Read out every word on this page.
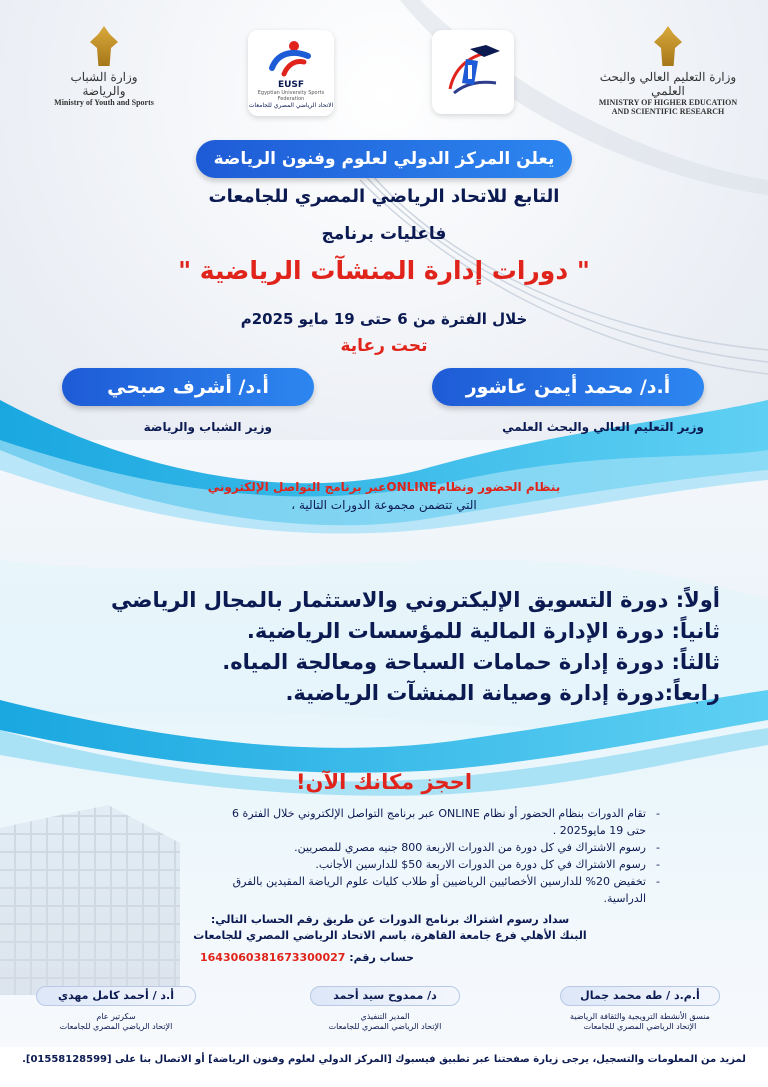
وزارة الشباب والرياضة
Ministry of Youth and Sports
EUSF
Egyptian University Sports Federation
الاتحاد الرياضي المصري للجامعات
وزارة التعليم العالي والبحث العلمي
MINISTRY OF HIGHER EDUCATION AND SCIENTIFIC RESEARCH
يعلن المركز الدولي لعلوم وفنون الرياضة
التابع للاتحاد الرياضي المصري للجامعات
فاعليات برنامج
" دورات إدارة المنشآت الرياضية "
خلال الفترة من 6 حتى 19 مايو 2025م
تحت رعاية
أ.د/ محمد أيمن عاشور
وزير التعليم العالي والبحث العلمي
أ.د/ أشرف صبحي
وزير الشباب والرياضة
بنظام الحضور ونظامONLINEعبر برنامج التواصل الإلكتروني
التي تتضمن مجموعة الدورات التالية ،
أولاً: دورة التسويق الإليكتروني والاستثمار بالمجال الرياضي
ثانياً: دورة الإدارة المالية للمؤسسات الرياضية.
ثالثاً: دورة إدارة حمامات السباحة ومعالجة المياه.
رابعاً:دورة إدارة وصيانة المنشآت الرياضية.
احجز مكانك الآن!
- تقام الدورات بنظام الحضور أو نظام ONLINE عبر برنامج التواصل الإلكتروني خلال الفترة 6 حتى 19 مايو2025 .
- رسوم الاشتراك في كل دورة من الدورات الاربعة 800 جنيه مصري للمصريين.
- رسوم الاشتراك في كل دورة من الدورات الاربعة 50$ للدارسين الأجانب.
- تخفيض 20% للدارسين الأخصائيين الرياضيين أو طلاب كليات علوم الرياضة المقيدين بالفرق الدراسية.
سداد رسوم اشتراك برنامج الدورات عن طريق رقم الحساب التالي:
البنك الأهلي فرع جامعة القاهرة، باسم الاتحاد الرياضي المصري للجامعات
حساب رقم: 1643060381673300027
أ.م.د / طه محمد جمال
منسق الأنشطة الترويجية والثقافة الرياضية
الإتحاد الرياضي المصري للجامعات
د/ ممدوح سيد أحمد
المدير التنفيذي
الإتحاد الرياضي المصري للجامعات
أ.د / أحمد كامل مهدي
سكرتير عام
الإتحاد الرياضي المصري للجامعات
لمزيد من المعلومات والتسجيل، يرجى زيارة صفحتنا عبر تطبيق فيسبوك [المركز الدولي لعلوم وفنون الرياضة] أو الاتصال بنا على [01558128599].
